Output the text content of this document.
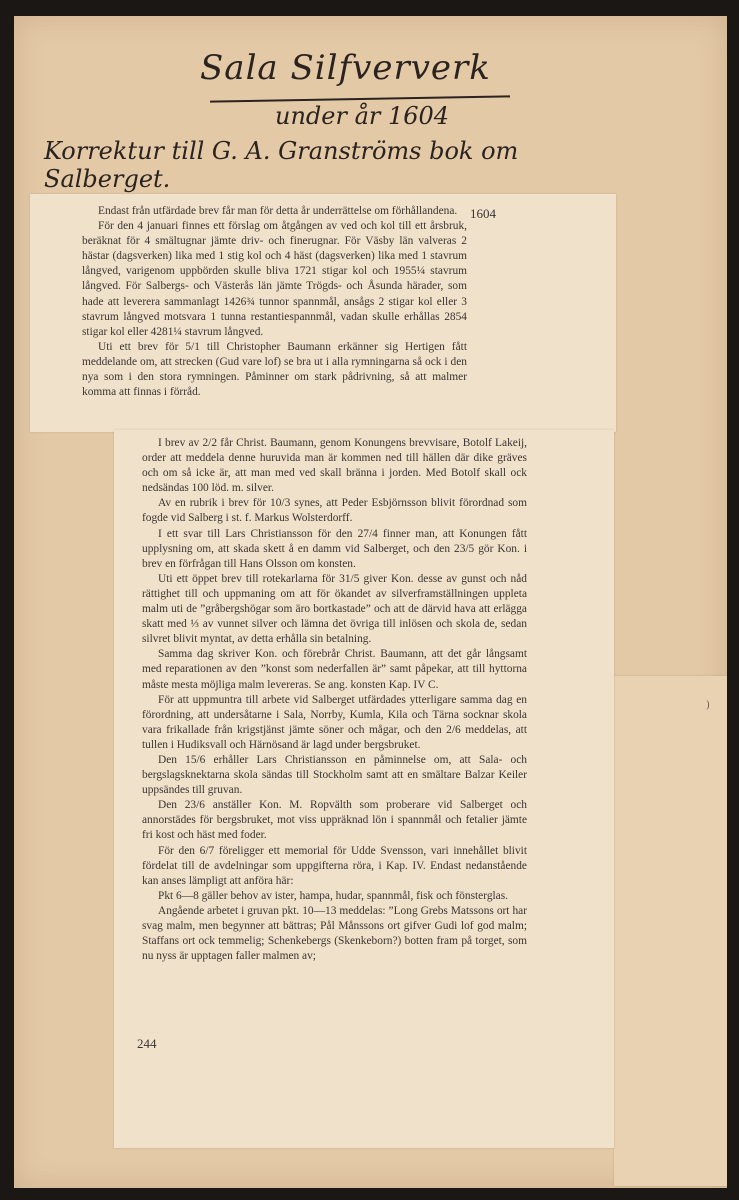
Sala Silfververk
under år 1604
Korrektur till G. A. Granströms bok om
Salberget.
1604

Endast från utfärdade brev får man för detta år underrättelse om förhållandena.

För den 4 januari finnes ett förslag om åtgången av ved och kol till ett årsbruk, beräknat för 4 smältugnar jämte driv- och finerugnar. För Väsby län valveras 2 hästar (dagsverken) lika med 1 stig kol och 4 häst (dagsverken) lika med 1 stavrum långved, varigenom uppbörden skulle bliva 1721 stigar kol och 1955¼ stavrum långved. För Salbergs- och Västerås län jämte Trögds- och Åsunda härader, som hade att leverera sammanlagt 1426¾ tunnor spannmål, ansågs 2 stigar kol eller 3 stavrum långved motsvara 1 tunna restantiespannmål, vadan skulle erhållas 2854 stigar kol eller 4281¼ stavrum långved.

Uti ett brev för 5/1 till Christopher Baumann erkänner sig Hertigen fått meddelande om, att strecken (Gud vare lof) se bra ut i alla rymningarna så ock i den nya som i den stora rymningen. Påminner om stark pådrivning, så att malmer komma att finnas i förråd.

I brev av 2/2 får Christ. Baumann, genom Konungens brevvisare, Botolf Lakeij, order att meddela denne huruvida man är kommen ned till hällen där dike gräves och om så icke är, att man med ved skall bränna i jorden. Med Botolf skall ock nedsändas 100 löd. m. silver.

Av en rubrik i brev för 10/3 synes, att Peder Esbjörnsson blivit förordnad som fogde vid Salberg i st. f. Markus Wolsterdorff.

I ett svar till Lars Christiansson för den 27/4 finner man, att Konungen fått upplysning om, att skada skett å en damm vid Salberget, och den 23/5 gör Kon. i brev en förfrågan till Hans Olsson om konsten.

Uti ett öppet brev till rotekarlarna för 31/5 giver Kon. desse av gunst och nåd rättighet till och uppmaning om att för ökandet av silverframställningen uppleta malm uti de ”gråbergshögar som äro bortkastade” och att de därvid hava att erlägga skatt med ⅓ av vunnet silver och lämna det övriga till inlösen och skola de, sedan silvret blivit myntat, av detta erhålla sin betalning.

Samma dag skriver Kon. och förebrår Christ. Baumann, att det går långsamt med reparationen av den ”konst som nederfallen är” samt påpekar, att till hyttorna måste mesta möjliga malm levereras. Se ang. konsten Kap. IV C.

För att uppmuntra till arbete vid Salberget utfärdades ytterligare samma dag en förordning, att undersåtarne i Sala, Norrby, Kumla, Kila och Tärna socknar skola vara frikallade från krigstjänst jämte söner och mågar, och den 2/6 meddelas, att tullen i Hudiksvall och Härnösand är lagd under bergsbruket.

Den 15/6 erhåller Lars Christiansson en påminnelse om, att Sala- och bergslagsknektarna skola sändas till Stockholm samt att en smältare Balzar Keiler uppsändes till gruvan.

Den 23/6 anställer Kon. M. Ropvälth som proberare vid Salberget och annorstädes för bergsbruket, mot viss uppräknad lön i spannmål och fetalier jämte fri kost och häst med foder.

För den 6/7 föreligger ett memorial för Udde Svensson, vari innehållet blivit fördelat till de avdelningar som uppgifterna röra, i Kap. IV. Endast nedanstående kan anses lämpligt att anföra här:

Pkt 6—8 gäller behov av ister, hampa, hudar, spannmål, fisk och fönsterglas.

Angående arbetet i gruvan pkt. 10—13 meddelas: ”Long Grebs Matssons ort har svag malm, men begynner att bättras; Pål Månssons ort gifver Gudi lof god malm; Staffans ort ock temmelig; Schenkebergs (Skenkeborn?) botten fram på torget, som nu nyss är upptagen faller malmen av;

244
)
